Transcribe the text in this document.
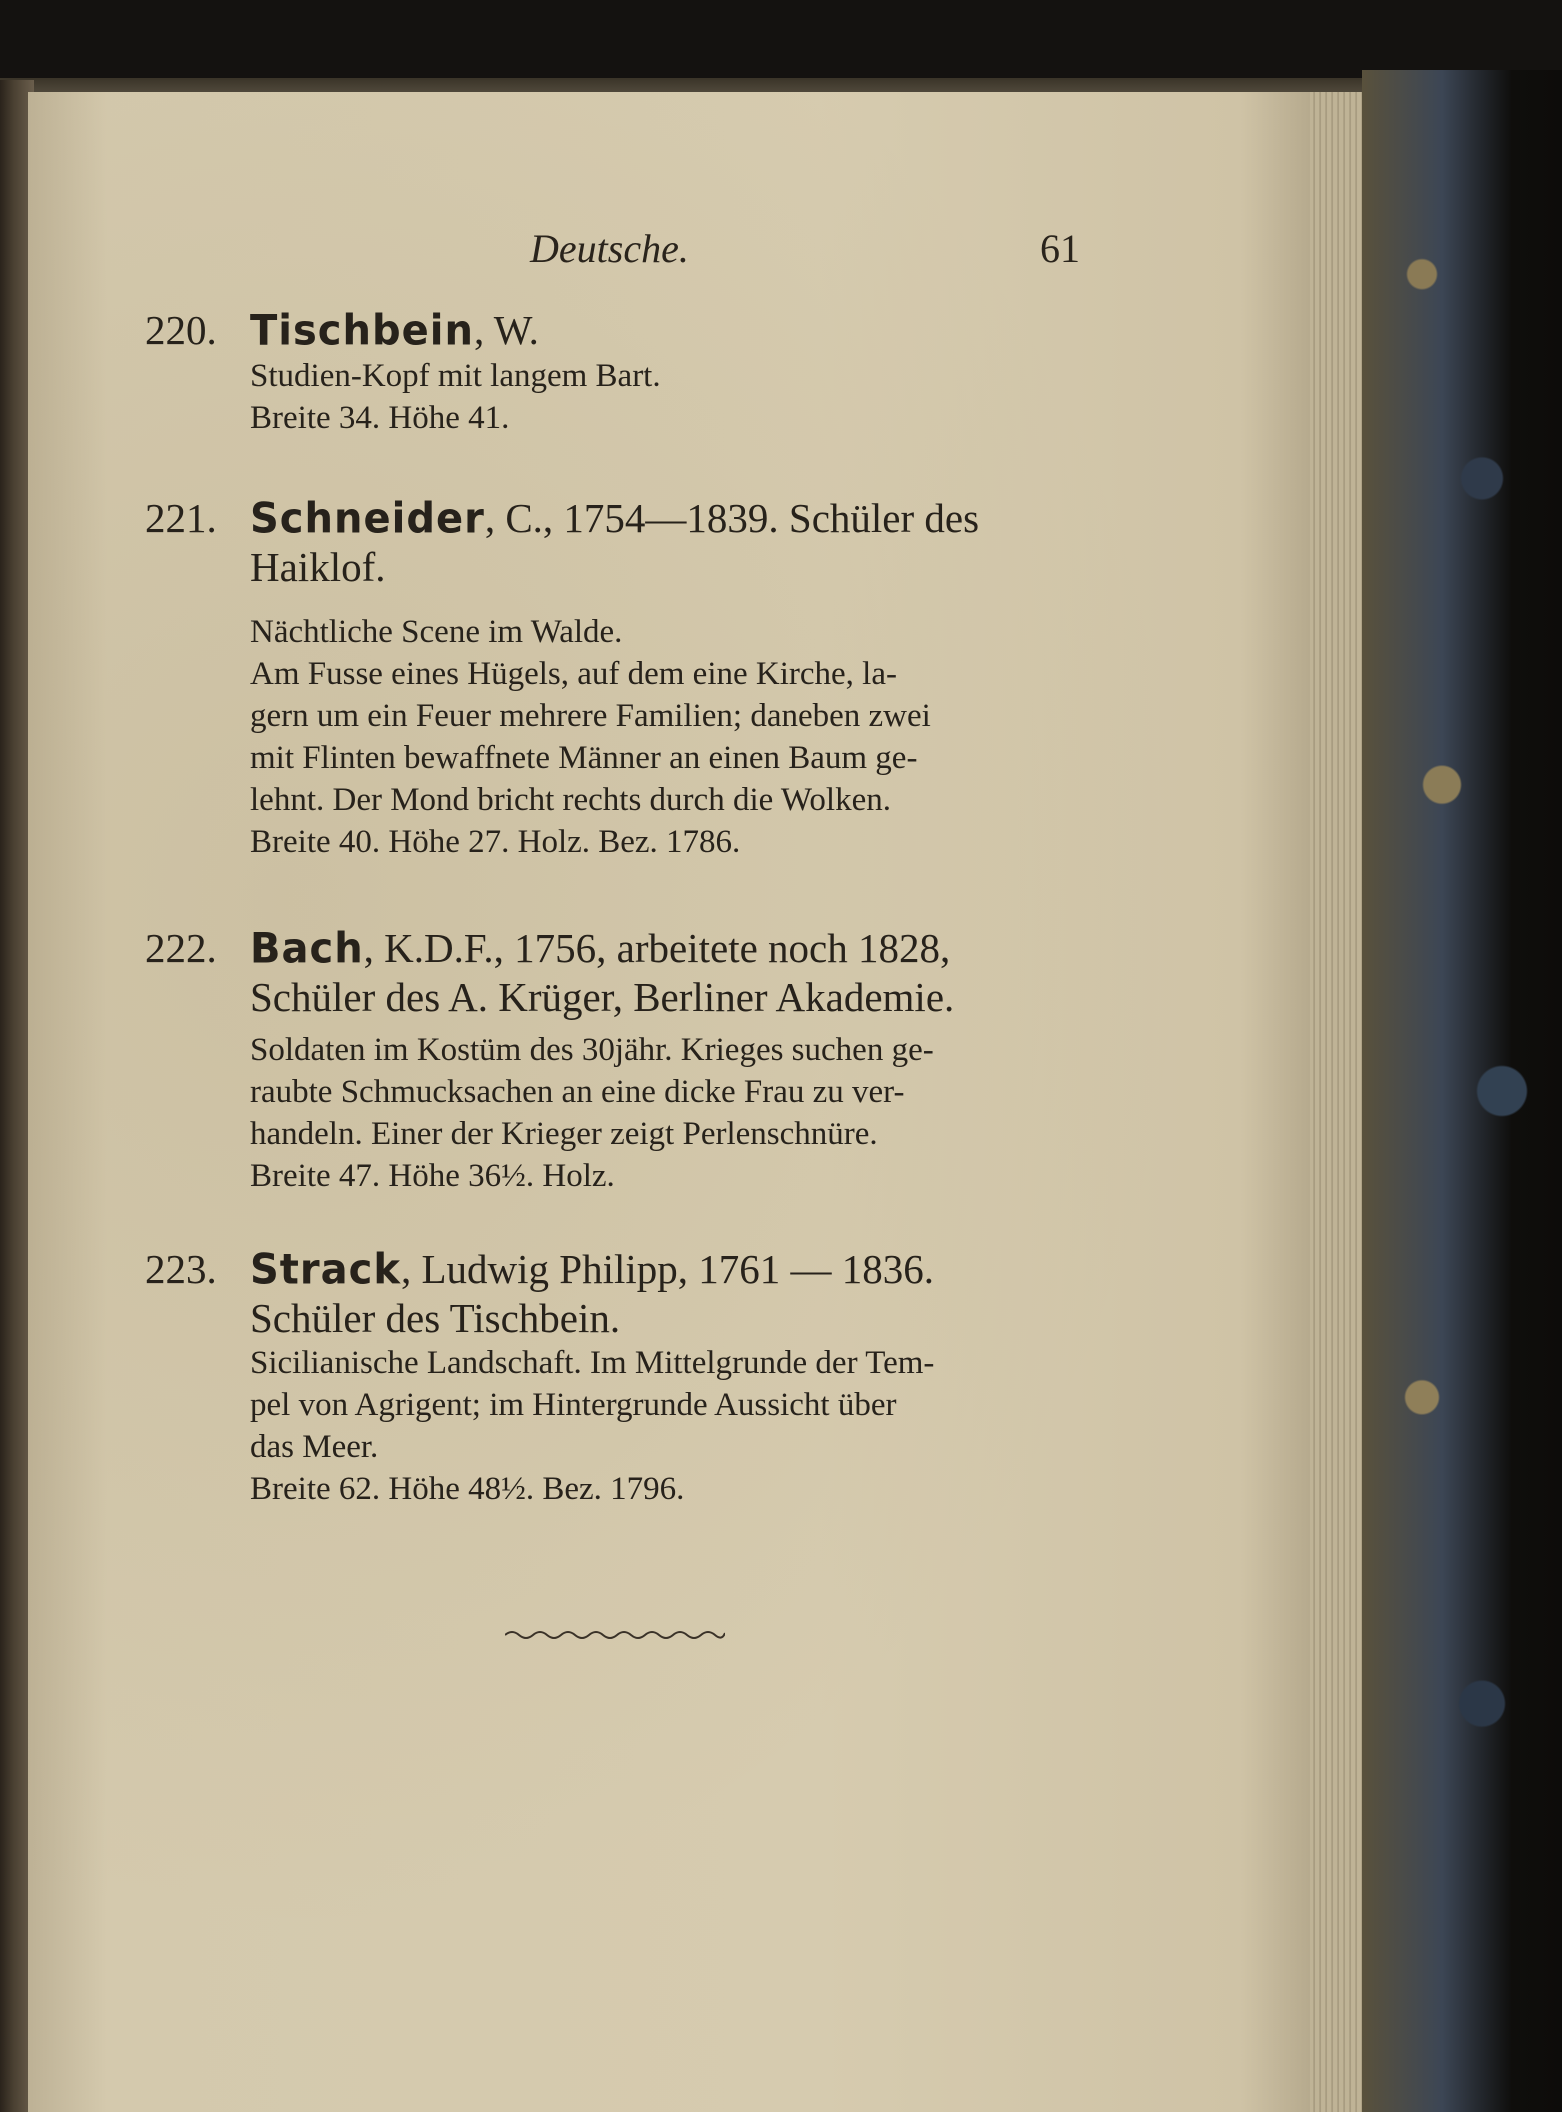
Deutsche.	61
220. Tischbein, W.
Studien-Kopf mit langem Bart.
Breite 34. Höhe 41.
221. Schneider, C., 1754—1839. Schüler des
Haiklof.
Nächtliche Scene im Walde.
Am Fusse eines Hügels, auf dem eine Kirche, la-
gern um ein Feuer mehrere Familien; daneben zwei
mit Flinten bewaffnete Männer an einen Baum ge-
lehnt. Der Mond bricht rechts durch die Wolken.
Breite 40. Höhe 27. Holz. Bez. 1786.
222. Bach, K.D.F., 1756, arbeitete noch 1828,
Schüler des A. Krüger, Berliner Akademie.
Soldaten im Kostüm des 30jähr. Krieges suchen ge-
raubte Schmucksachen an eine dicke Frau zu ver-
handeln. Einer der Krieger zeigt Perlenschnüre.
Breite 47. Höhe 36½. Holz.
223. Strack, Ludwig Philipp, 1761 — 1836.
Schüler des Tischbein.
Sicilianische Landschaft. Im Mittelgrunde der Tem-
pel von Agrigent; im Hintergrunde Aussicht über
das Meer.
Breite 62. Höhe 48½. Bez. 1796.
